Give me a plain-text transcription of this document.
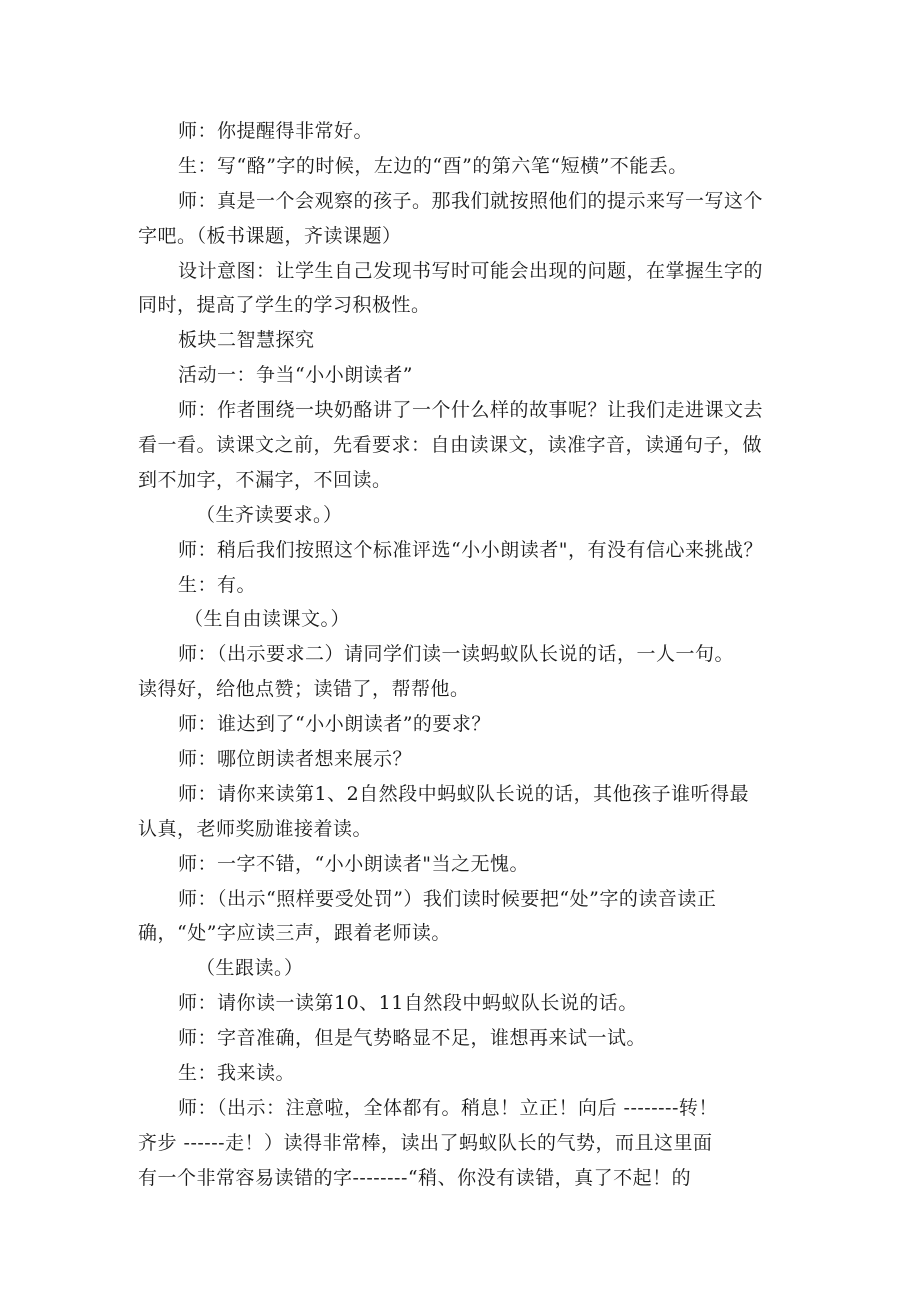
师：你提醒得非常好。
生：写“酪”字的时候，左边的“酉”的第六笔“短横”不能丢。
师：真是一个会观察的孩子。那我们就按照他们的提示来写一写这个
字吧。（板书课题，齐读课题）
设计意图：让学生自己发现书写时可能会出现的问题，在掌握生字的
同时，提高了学生的学习积极性。
板块二智慧探究
活动一：争当“小小朗读者”
师：作者围绕一块奶酪讲了一个什么样的故事呢？让我们走进课文去
看一看。读课文之前，先看要求：自由读课文，读准字音，读通句子，做
到不加字，不漏字，不回读。
（生齐读要求。）
师：稍后我们按照这个标准评选“小小朗读者"，有没有信心来挑战？
生：有。
（生自由读课文。）
师：（出示要求二）请同学们读一读蚂蚁队长说的话，一人一句。
读得好，给他点赞；读错了，帮帮他。
师：谁达到了“小小朗读者”的要求？
师：哪位朗读者想来展示？
师：请你来读第1、2自然段中蚂蚁队长说的话，其他孩子谁听得最
认真，老师奖励谁接着读。
师：一字不错，“小小朗读者"当之无愧。
师：（出示“照样要受处罚”）我们读时候要把“处”字的读音读正
确，“处”字应读三声，跟着老师读。
（生跟读。）
师：请你读一读第10、11自然段中蚂蚁队长说的话。
师：字音准确，但是气势略显不足，谁想再来试一试。
生：我来读。
师：（出示：注意啦，全体都有。稍息！立正！向后 --------转！
齐步 ------走！）读得非常棒，读出了蚂蚁队长的气势，而且这里面
有一个非常容易读错的字--------“稍、你没有读错，真了不起！的
